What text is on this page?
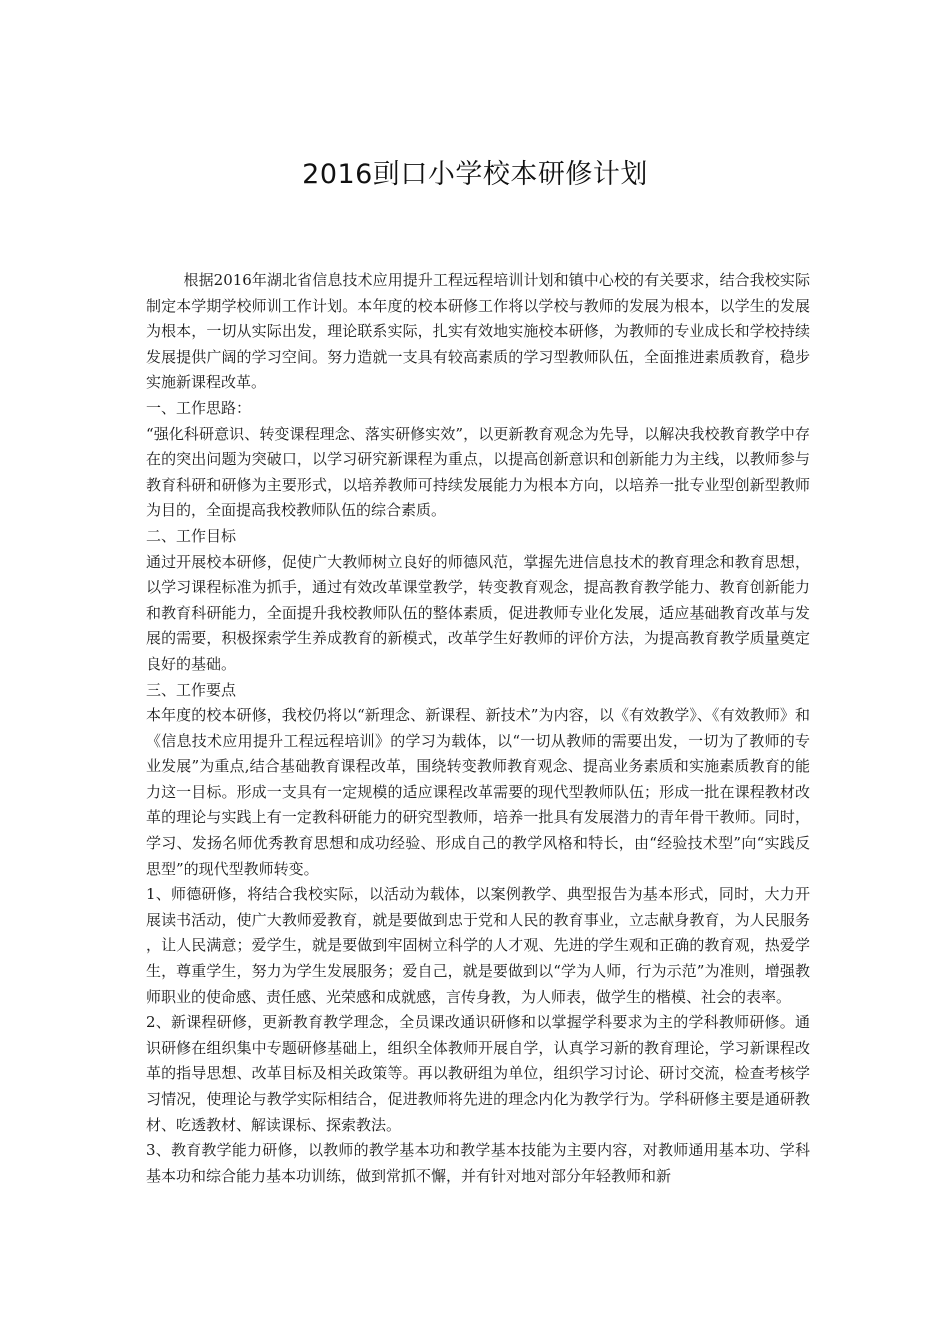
2016刯口小学校本研修计划

根据2016年湖北省信息技术应用提升工程远程培训计划和镇中心校的有关要求，结合我校实际制定本学期学校师训工作计划。本年度的校本研修工作将以学校与教师的发展为根本，以学生的发展为根本，一切从实际出发，理论联系实际，扎实有效地实施校本研修，为教师的专业成长和学校持续发展提供广阔的学习空间。努力造就一支具有较高素质的学习型教师队伍，全面推进素质教育，稳步实施新课程改革。

一、工作思路：

“强化科研意识、转变课程理念、落实研修实效”，以更新教育观念为先导，以解决我校教育教学中存在的突出问题为突破口，以学习研究新课程为重点，以提高创新意识和创新能力为主线，以教师参与教育科研和研修为主要形式，以培养教师可持续发展能力为根本方向，以培养一批专业型创新型教师为目的，全面提高我校教师队伍的综合素质。

二、工作目标

通过开展校本研修，促使广大教师树立良好的师德风范，掌握先进信息技术的教育理念和教育思想，以学习课程标准为抓手，通过有效改革课堂教学，转变教育观念，提高教育教学能力、教育创新能力和教育科研能力，全面提升我校教师队伍的整体素质，促进教师专业化发展，适应基础教育改革与发展的需要，积极探索学生养成教育的新模式，改革学生好教师的评价方法，为提高教育教学质量奠定良好的基础。

三、工作要点

本年度的校本研修，我校仍将以“新理念、新课程、新技术”为内容，以《有效教学》、《有效教师》和《信息技术应用提升工程远程培训》的学习为载体，以“一切从教师的需要出发，一切为了教师的专业发展”为重点,结合基础教育课程改革，围绕转变教师教育观念、提高业务素质和实施素质教育的能力这一目标。形成一支具有一定规模的适应课程改革需要的现代型教师队伍；形成一批在课程教材改革的理论与实践上有一定教科研能力的研究型教师，培养一批具有发展潜力的青年骨干教师。同时，学习、发扬名师优秀教育思想和成功经验、形成自己的教学风格和特长，由“经验技术型”向“实践反思型”的现代型教师转变。

1、师德研修，将结合我校实际，以活动为载体，以案例教学、典型报告为基本形式，同时，大力开展读书活动，使广大教师爱教育，就是要做到忠于党和人民的教育事业，立志献身教育，为人民服务，让人民满意；爱学生，就是要做到牢固树立科学的人才观、先进的学生观和正确的教育观，热爱学生，尊重学生，努力为学生发展服务；爱自己，就是要做到以“学为人师，行为示范”为准则，增强教师职业的使命感、责任感、光荣感和成就感，言传身教，为人师表，做学生的楷模、社会的表率。

2、新课程研修，更新教育教学理念，全员课改通识研修和以掌握学科要求为主的学科教师研修。通识研修在组织集中专题研修基础上，组织全体教师开展自学，认真学习新的教育理论，学习新课程改革的指导思想、改革目标及相关政策等。再以教研组为单位，组织学习讨论、研讨交流，检查考核学习情况，使理论与教学实际相结合，促进教师将先进的理念内化为教学行为。学科研修主要是通研教材、吃透教材、解读课标、探索教法。

3、教育教学能力研修，以教师的教学基本功和教学基本技能为主要内容，对教师通用基本功、学科基本功和综合能力基本功训练，做到常抓不懈，并有针对地对部分年轻教师和新
